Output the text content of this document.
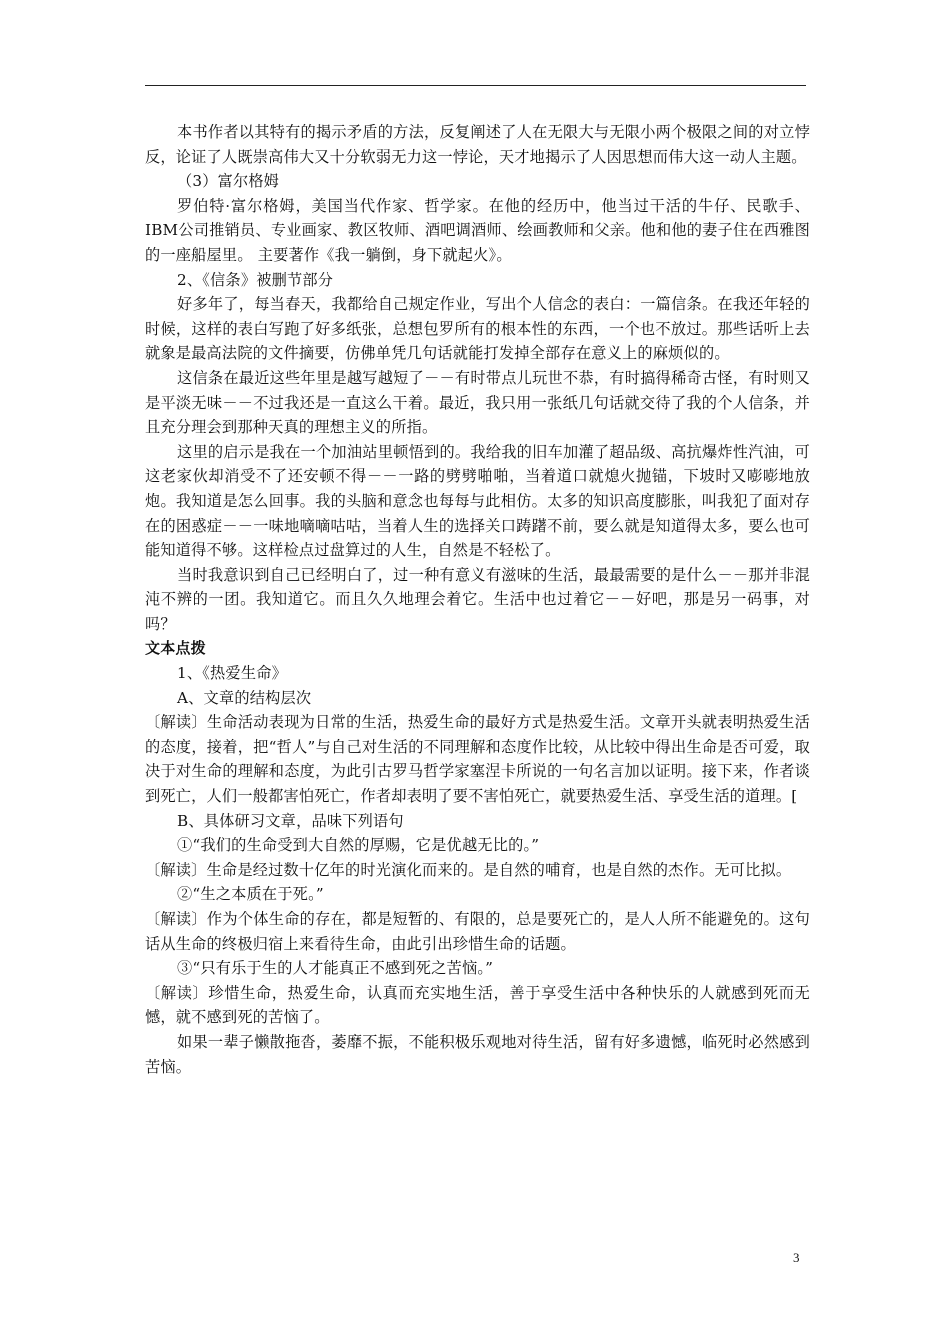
本书作者以其特有的揭示矛盾的方法，反复阐述了人在无限大与无限小两个极限之间的对立悖反，论证了人既崇高伟大又十分软弱无力这一悖论，天才地揭示了人因思想而伟大这一动人主题。

（3）富尔格姆

罗伯特·富尔格姆，美国当代作家、哲学家。在他的经历中，他当过干活的牛仔、民歌手、IBM公司推销员、专业画家、教区牧师、酒吧调酒师、绘画教师和父亲。他和他的妻子住在西雅图的一座船屋里。 主要著作《我一躺倒，身下就起火》。

2、《信条》被删节部分

好多年了，每当春天，我都给自己规定作业，写出个人信念的表白：一篇信条。在我还年轻的时候，这样的表白写跑了好多纸张，总想包罗所有的根本性的东西，一个也不放过。那些话听上去就象是最高法院的文件摘要，仿佛单凭几句话就能打发掉全部存在意义上的麻烦似的。

这信条在最近这些年里是越写越短了－－有时带点儿玩世不恭，有时搞得稀奇古怪，有时则又是平淡无味－－不过我还是一直这么干着。最近，我只用一张纸几句话就交待了我的个人信条，并且充分理会到那种天真的理想主义的所指。

这里的启示是我在一个加油站里顿悟到的。我给我的旧车加灌了超品级、高抗爆炸性汽油，可这老家伙却消受不了还安顿不得－－一路的劈劈啪啪，当着道口就熄火抛锚，下坡时又嘭嘭地放炮。我知道是怎么回事。我的头脑和意念也每每与此相仿。太多的知识高度膨胀，叫我犯了面对存在的困惑症－－一味地嘀嘀咕咕，当着人生的选择关口踌躇不前，要么就是知道得太多，要么也可能知道得不够。这样检点过盘算过的人生，自然是不轻松了。

当时我意识到自己已经明白了，过一种有意义有滋味的生活，最最需要的是什么－－那并非混沌不辨的一团。我知道它。而且久久地理会着它。生活中也过着它－－好吧，那是另一码事，对吗？

文本点拨

1、《热爱生命》

A、文章的结构层次

〔解读〕生命活动表现为日常的生活，热爱生命的最好方式是热爱生活。文章开头就表明热爱生活的态度，接着，把“哲人”与自己对生活的不同理解和态度作比较，从比较中得出生命是否可爱，取决于对生命的理解和态度，为此引古罗马哲学家塞涅卡所说的一句名言加以证明。接下来，作者谈到死亡，人们一般都害怕死亡，作者却表明了要不害怕死亡，就要热爱生活、享受生活的道理。[

B、具体研习文章，品味下列语句

①“我们的生命受到大自然的厚赐，它是优越无比的。”

〔解读〕生命是经过数十亿年的时光演化而来的。是自然的哺育，也是自然的杰作。无可比拟。

②“生之本质在于死。”

〔解读〕作为个体生命的存在，都是短暂的、有限的，总是要死亡的，是人人所不能避免的。这句话从生命的终极归宿上来看待生命，由此引出珍惜生命的话题。

③“只有乐于生的人才能真正不感到死之苦恼。”

〔解读〕珍惜生命，热爱生命，认真而充实地生活，善于享受生活中各种快乐的人就感到死而无憾，就不感到死的苦恼了。

如果一辈子懒散拖沓，萎靡不振，不能积极乐观地对待生活，留有好多遗憾，临死时必然感到苦恼。

3
